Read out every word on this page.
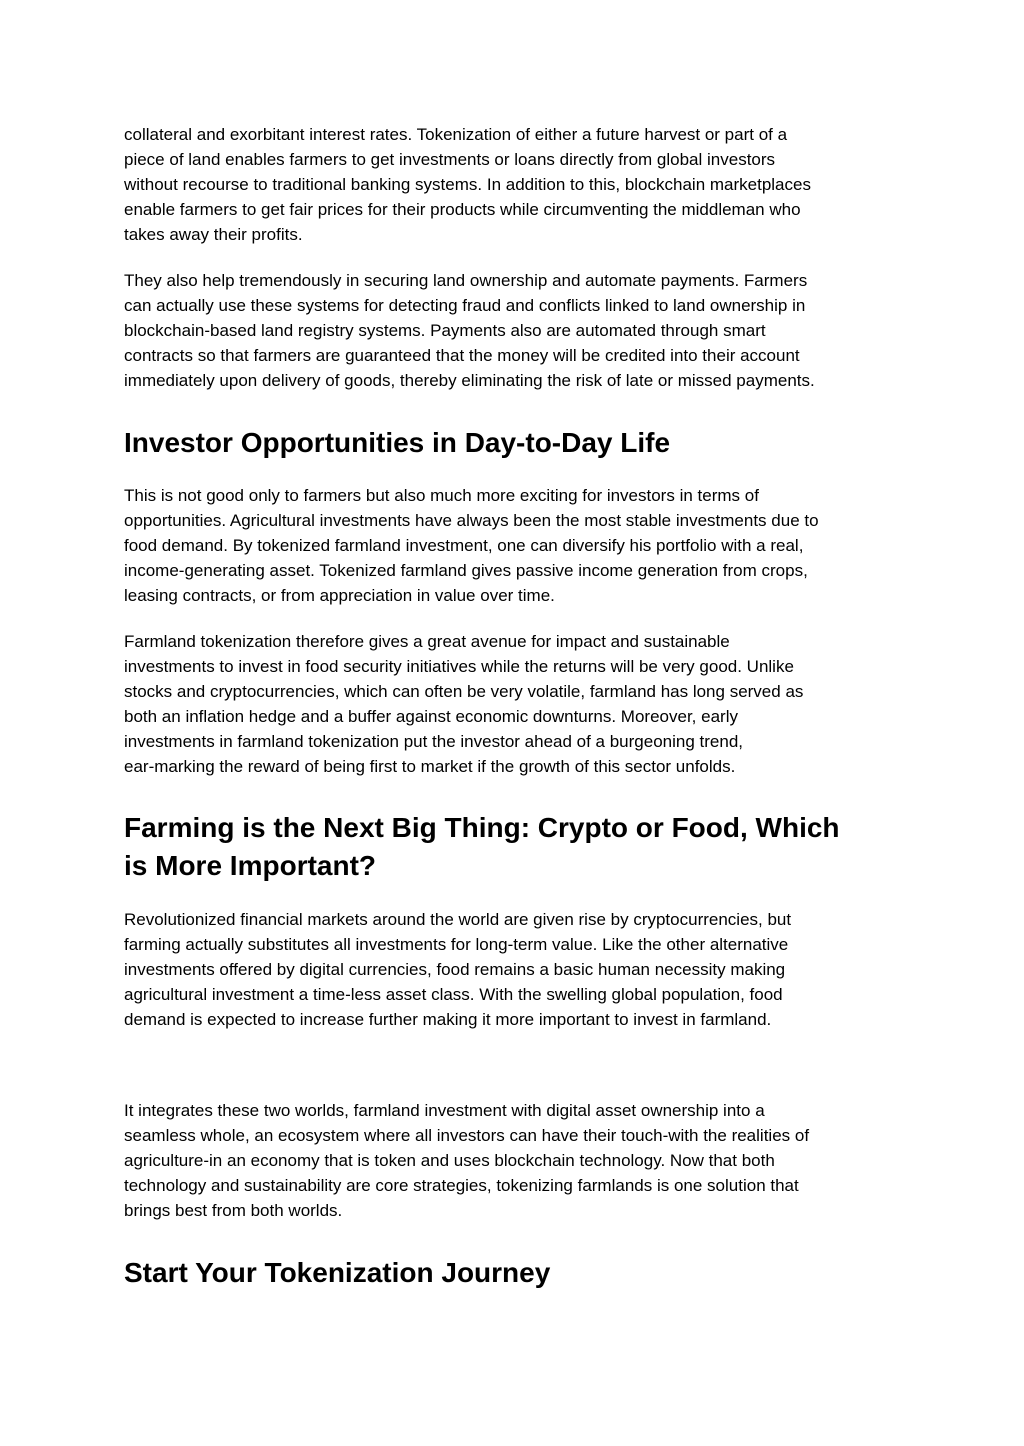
collateral and exorbitant interest rates. Tokenization of either a future harvest or part of a
piece of land enables farmers to get investments or loans directly from global investors
without recourse to traditional banking systems. In addition to this, blockchain marketplaces
enable farmers to get fair prices for their products while circumventing the middleman who
takes away their profits.

They also help tremendously in securing land ownership and automate payments. Farmers
can actually use these systems for detecting fraud and conflicts linked to land ownership in
blockchain-based land registry systems. Payments also are automated through smart
contracts so that farmers are guaranteed that the money will be credited into their account
immediately upon delivery of goods, thereby eliminating the risk of late or missed payments.

Investor Opportunities in Day-to-Day Life

This is not good only to farmers but also much more exciting for investors in terms of
opportunities. Agricultural investments have always been the most stable investments due to
food demand. By tokenized farmland investment, one can diversify his portfolio with a real,
income-generating asset. Tokenized farmland gives passive income generation from crops,
leasing contracts, or from appreciation in value over time.

Farmland tokenization therefore gives a great avenue for impact and sustainable
investments to invest in food security initiatives while the returns will be very good. Unlike
stocks and cryptocurrencies, which can often be very volatile, farmland has long served as
both an inflation hedge and a buffer against economic downturns. Moreover, early
investments in farmland tokenization put the investor ahead of a burgeoning trend,
ear-marking the reward of being first to market if the growth of this sector unfolds.

Farming is the Next Big Thing: Crypto or Food, Which
is More Important?

Revolutionized financial markets around the world are given rise by cryptocurrencies, but
farming actually substitutes all investments for long-term value. Like the other alternative
investments offered by digital currencies, food remains a basic human necessity making
agricultural investment a time-less asset class. With the swelling global population, food
demand is expected to increase further making it more important to invest in farmland.

It integrates these two worlds, farmland investment with digital asset ownership into a
seamless whole, an ecosystem where all investors can have their touch-with the realities of
agriculture-in an economy that is token and uses blockchain technology. Now that both
technology and sustainability are core strategies, tokenizing farmlands is one solution that
brings best from both worlds.

Start Your Tokenization Journey
